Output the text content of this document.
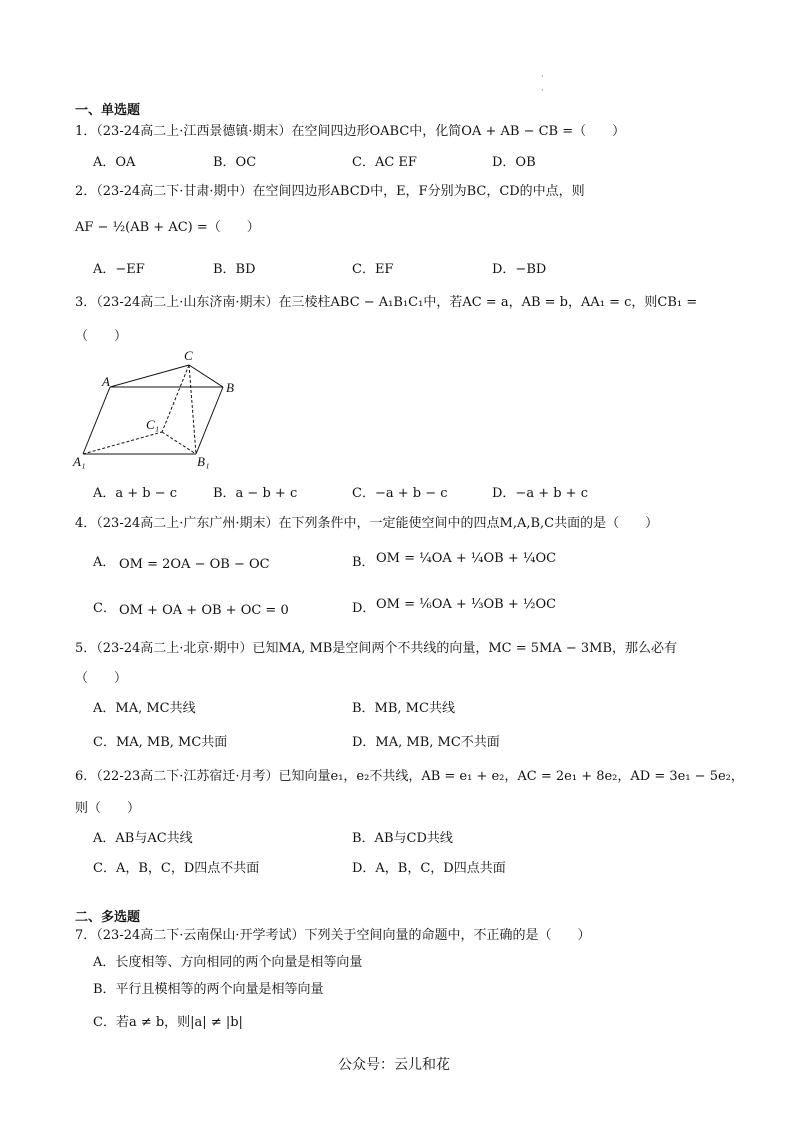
·
·
一、单选题
1．（23-24高二上·江西景德镇·期末）在空间四边形OABC中，化简OA + AB − CB =（　　）
A．OA	B．OC	C．AC EF	D．OB
2．（23-24高二下·甘肃·期中）在空间四边形ABCD中，E，F分别为BC，CD的中点，则
AF − ½(AB + AC) =（　　）
A．−EF	B．BD	C．EF	D．−BD
3．（23-24高二上·山东济南·期末）在三棱柱ABC − A₁B₁C₁中，若AC = a，AB = b，AA₁ = c，则CB₁ =
（　　）
A
C
B
C₁
A₁	B₁
A．a + b − c	B．a − b + c	C．−a + b − c	D．−a + b + c
4．（23-24高二上·广东广州·期末）在下列条件中，一定能使空间中的四点M,A,B,C共面的是（　　）
A． OM = 2OA − OB − OC	B． OM = ¼OA + ¼OB + ¼OC
C． OM + OA + OB + OC = 0	D． OM = ⅙OA + ⅓OB + ½OC
5．（23-24高二上·北京·期中）已知MA, MB是空间两个不共线的向量，MC = 5MA − 3MB，那么必有
（　　）
A．MA, MC共线	B．MB, MC共线
C．MA, MB, MC共面	D．MA, MB, MC不共面
6．（22-23高二下·江苏宿迁·月考）已知向量e₁，e₂不共线，AB = e₁ + e₂，AC = 2e₁ + 8e₂，AD = 3e₁ − 5e₂，
则（　　）
A．AB与AC共线	B．AB与CD共线
C．A，B，C，D四点不共面	D．A，B，C，D四点共面
二、多选题
7．（23-24高二下·云南保山·开学考试）下列关于空间向量的命题中，不正确的是（　　）
A．长度相等、方向相同的两个向量是相等向量
B．平行且模相等的两个向量是相等向量
C．若a ≠ b，则|a| ≠ |b|
公众号：云儿和花
